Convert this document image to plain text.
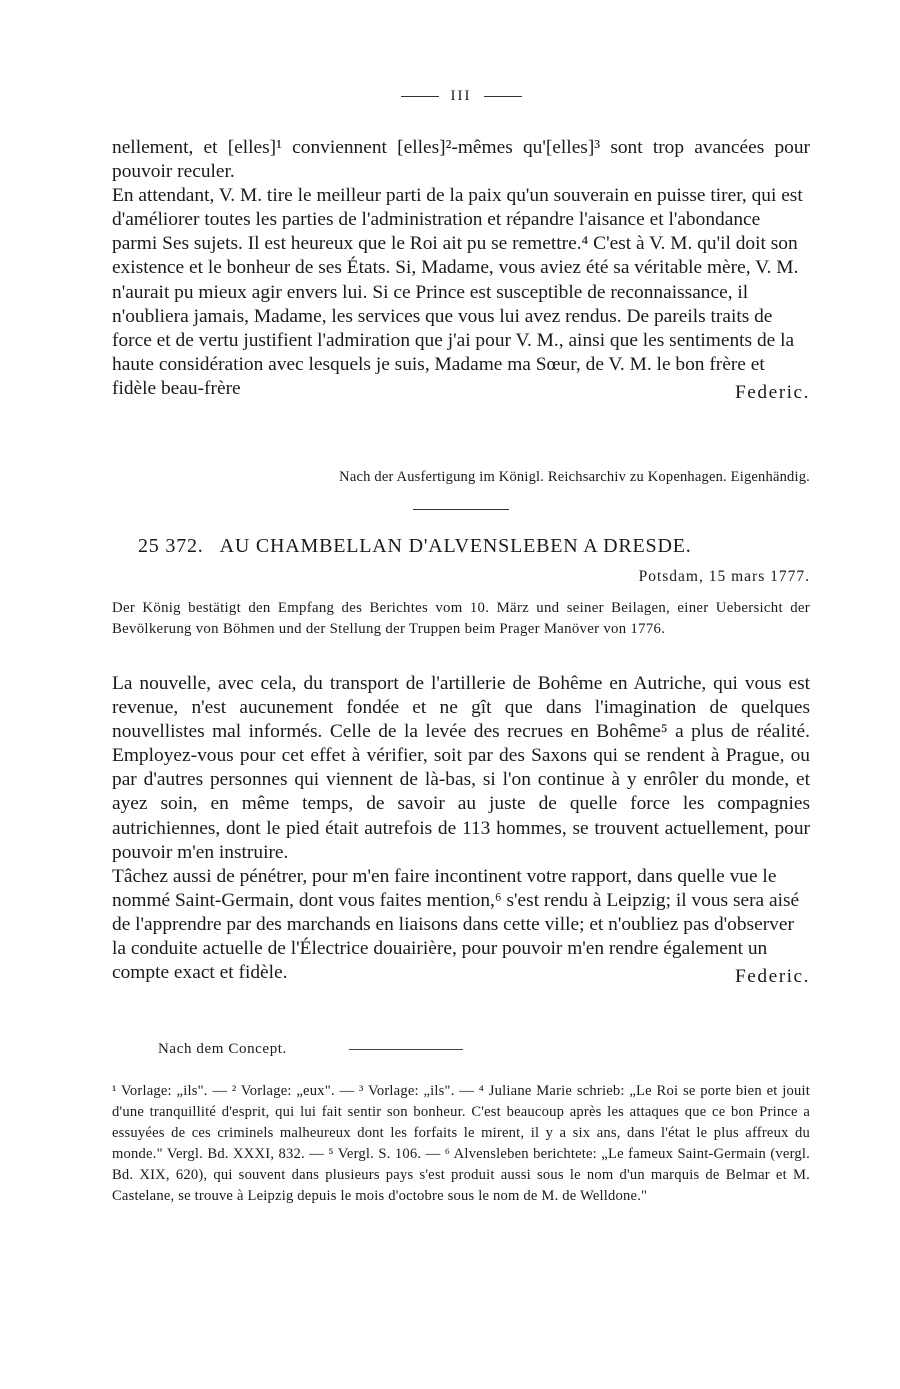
III

nellement, et [elles]¹ conviennent [elles]²-mêmes qu'[elles]³ sont trop avancées pour pouvoir reculer.

En attendant, V. M. tire le meilleur parti de la paix qu'un souverain en puisse tirer, qui est d'améliorer toutes les parties de l'administration et répandre l'aisance et l'abondance parmi Ses sujets. Il est heureux que le Roi ait pu se remettre.⁴ C'est à V. M. qu'il doit son existence et le bonheur de ses États. Si, Madame, vous aviez été sa véritable mère, V. M. n'aurait pu mieux agir envers lui. Si ce Prince est susceptible de reconnaissance, il n'oubliera jamais, Madame, les services que vous lui avez rendus. De pareils traits de force et de vertu justifient l'admiration que j'ai pour V. M., ainsi que les sentiments de la haute considération avec lesquels je suis, Madame ma Sœur, de V. M. le bon frère et fidèle beau-frère	Federic.

Nach der Ausfertigung im Königl. Reichsarchiv zu Kopenhagen. Eigenhändig.

25 372. AU CHAMBELLAN D'ALVENSLEBEN A DRESDE.

Potsdam, 15 mars 1777.

Der König bestätigt den Empfang des Berichtes vom 10. März und seiner Beilagen, einer Uebersicht der Bevölkerung von Böhmen und der Stellung der Truppen beim Prager Manöver von 1776.

La nouvelle, avec cela, du transport de l'artillerie de Bohême en Autriche, qui vous est revenue, n'est aucunement fondée et ne gît que dans l'imagination de quelques nouvellistes mal informés. Celle de la levée des recrues en Bohême⁵ a plus de réalité. Employez-vous pour cet effet à vérifier, soit par des Saxons qui se rendent à Prague, ou par d'autres personnes qui viennent de là-bas, si l'on continue à y enrôler du monde, et ayez soin, en même temps, de savoir au juste de quelle force les compagnies autrichiennes, dont le pied était autrefois de 113 hommes, se trouvent actuellement, pour pouvoir m'en instruire.

Tâchez aussi de pénétrer, pour m'en faire incontinent votre rapport, dans quelle vue le nommé Saint-Germain, dont vous faites mention,⁶ s'est rendu à Leipzig; il vous sera aisé de l'apprendre par des marchands en liaisons dans cette ville; et n'oubliez pas d'observer la conduite actuelle de l'Électrice douairière, pour pouvoir m'en rendre également un compte exact et fidèle.	Federic.
Nach dem Concept.

¹ Vorlage: „ils". — ² Vorlage: „eux". — ³ Vorlage: „ils". — ⁴ Juliane Marie schrieb: „Le Roi se porte bien et jouit d'une tranquillité d'esprit, qui lui fait sentir son bonheur. C'est beaucoup après les attaques que ce bon Prince a essuyées de ces criminels malheureux dont les forfaits le mirent, il y a six ans, dans l'état le plus affreux du monde." Vergl. Bd. XXXI, 832. — ⁵ Vergl. S. 106. — ⁶ Alvensleben berichtete: „Le fameux Saint-Germain (vergl. Bd. XIX, 620), qui souvent dans plusieurs pays s'est produit aussi sous le nom d'un marquis de Belmar et M. Castelane, se trouve à Leipzig depuis le mois d'octobre sous le nom de M. de Welldone."
